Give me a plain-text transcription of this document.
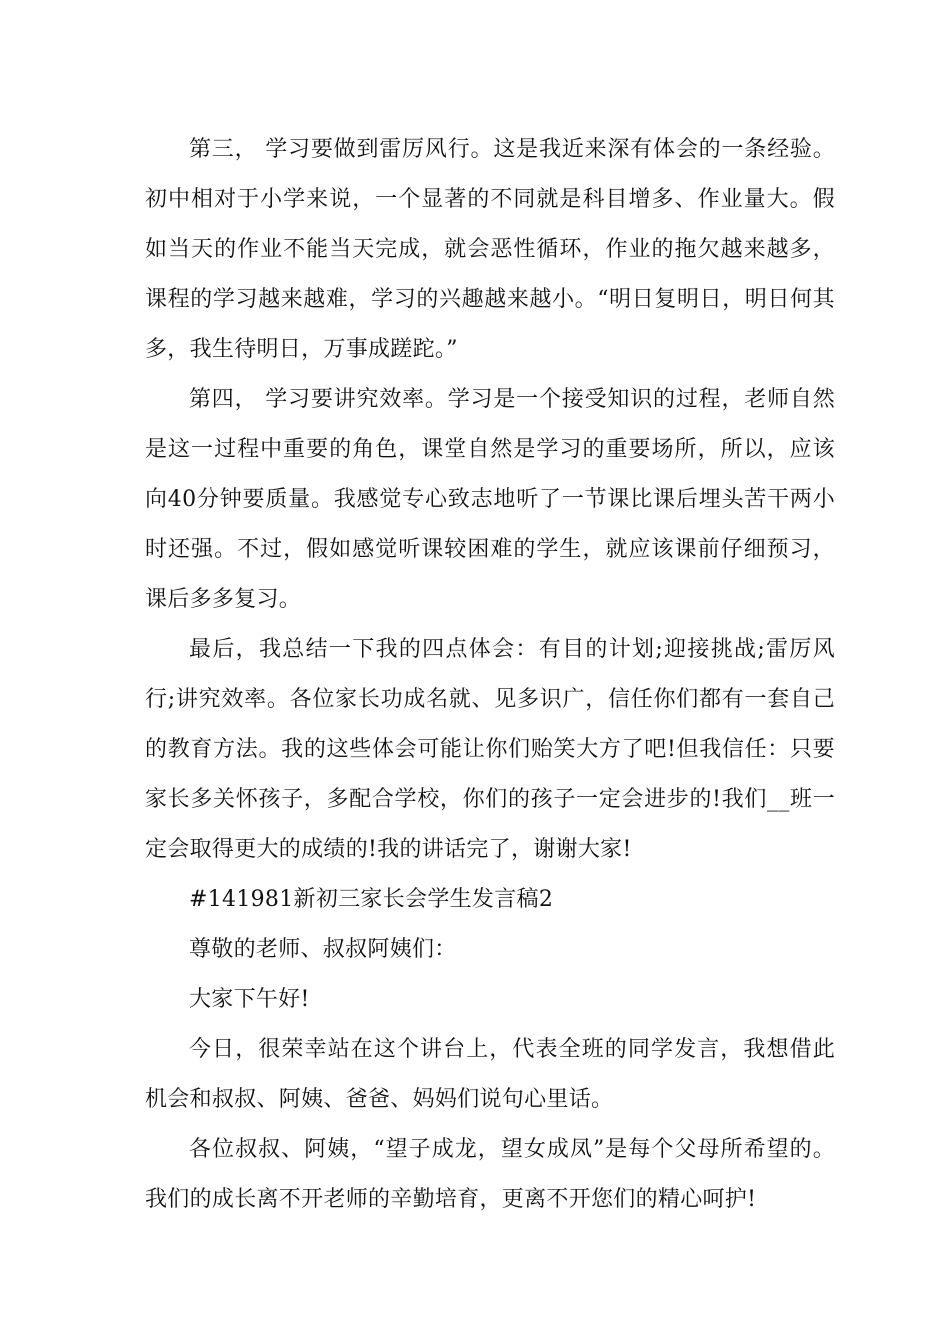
第三， 学习要做到雷厉风行。这是我近来深有体会的一条经验。初中相对于小学来说，一个显著的不同就是科目增多、作业量大。假如当天的作业不能当天完成，就会恶性循环，作业的拖欠越来越多，课程的学习越来越难，学习的兴趣越来越小。“明日复明日，明日何其多，我生待明日，万事成蹉跎。”

第四， 学习要讲究效率。学习是一个接受知识的过程，老师自然是这一过程中重要的角色，课堂自然是学习的重要场所，所以，应该向40分钟要质量。我感觉专心致志地听了一节课比课后埋头苦干两小时还强。不过，假如感觉听课较困难的学生，就应该课前仔细预习，课后多多复习。

最后，我总结一下我的四点体会：有目的计划;迎接挑战;雷厉风行;讲究效率。各位家长功成名就、见多识广，信任你们都有一套自己的教育方法。我的这些体会可能让你们贻笑大方了吧!但我信任：只要家长多关怀孩子，多配合学校，你们的孩子一定会进步的!我们__班一定会取得更大的成绩的!我的讲话完了，谢谢大家!

#141981新初三家长会学生发言稿2

尊敬的老师、叔叔阿姨们：

大家下午好!

今日，很荣幸站在这个讲台上，代表全班的同学发言，我想借此机会和叔叔、阿姨、爸爸、妈妈们说句心里话。

各位叔叔、阿姨，“望子成龙，望女成凤”是每个父母所希望的。我们的成长离不开老师的辛勤培育，更离不开您们的精心呵护!
